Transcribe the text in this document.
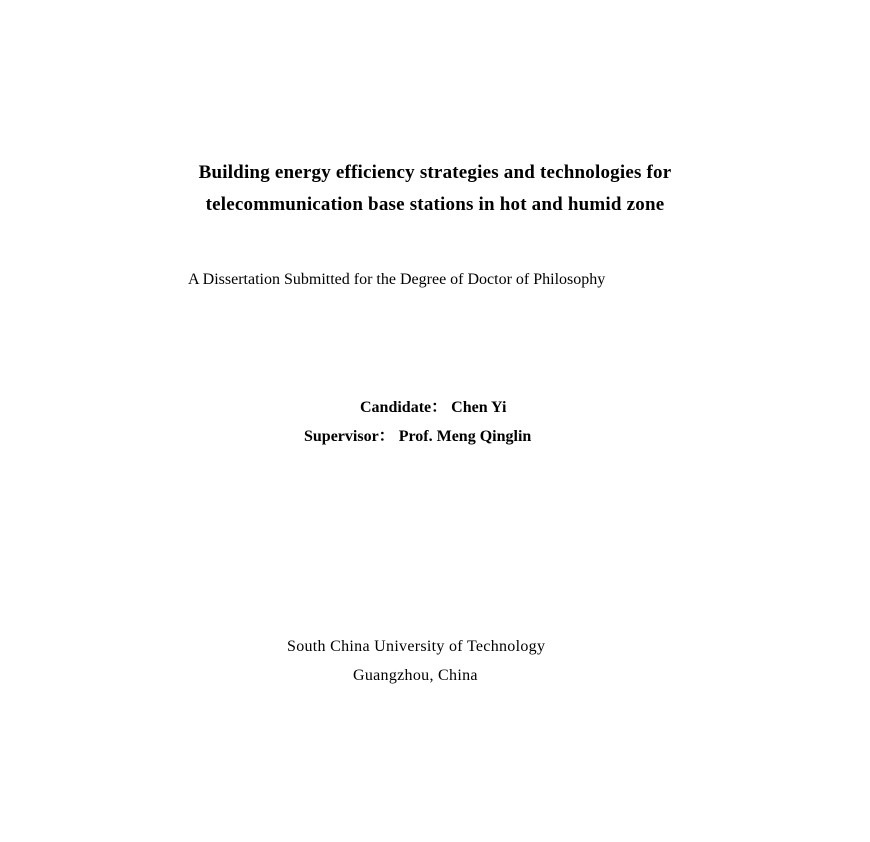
Building energy efficiency strategies and technologies for
telecommunication base stations in hot and humid zone
A Dissertation Submitted for the Degree of Doctor of Philosophy
Candidate： Chen Yi
Supervisor： Prof. Meng Qinglin
South China University of Technology
Guangzhou, China
